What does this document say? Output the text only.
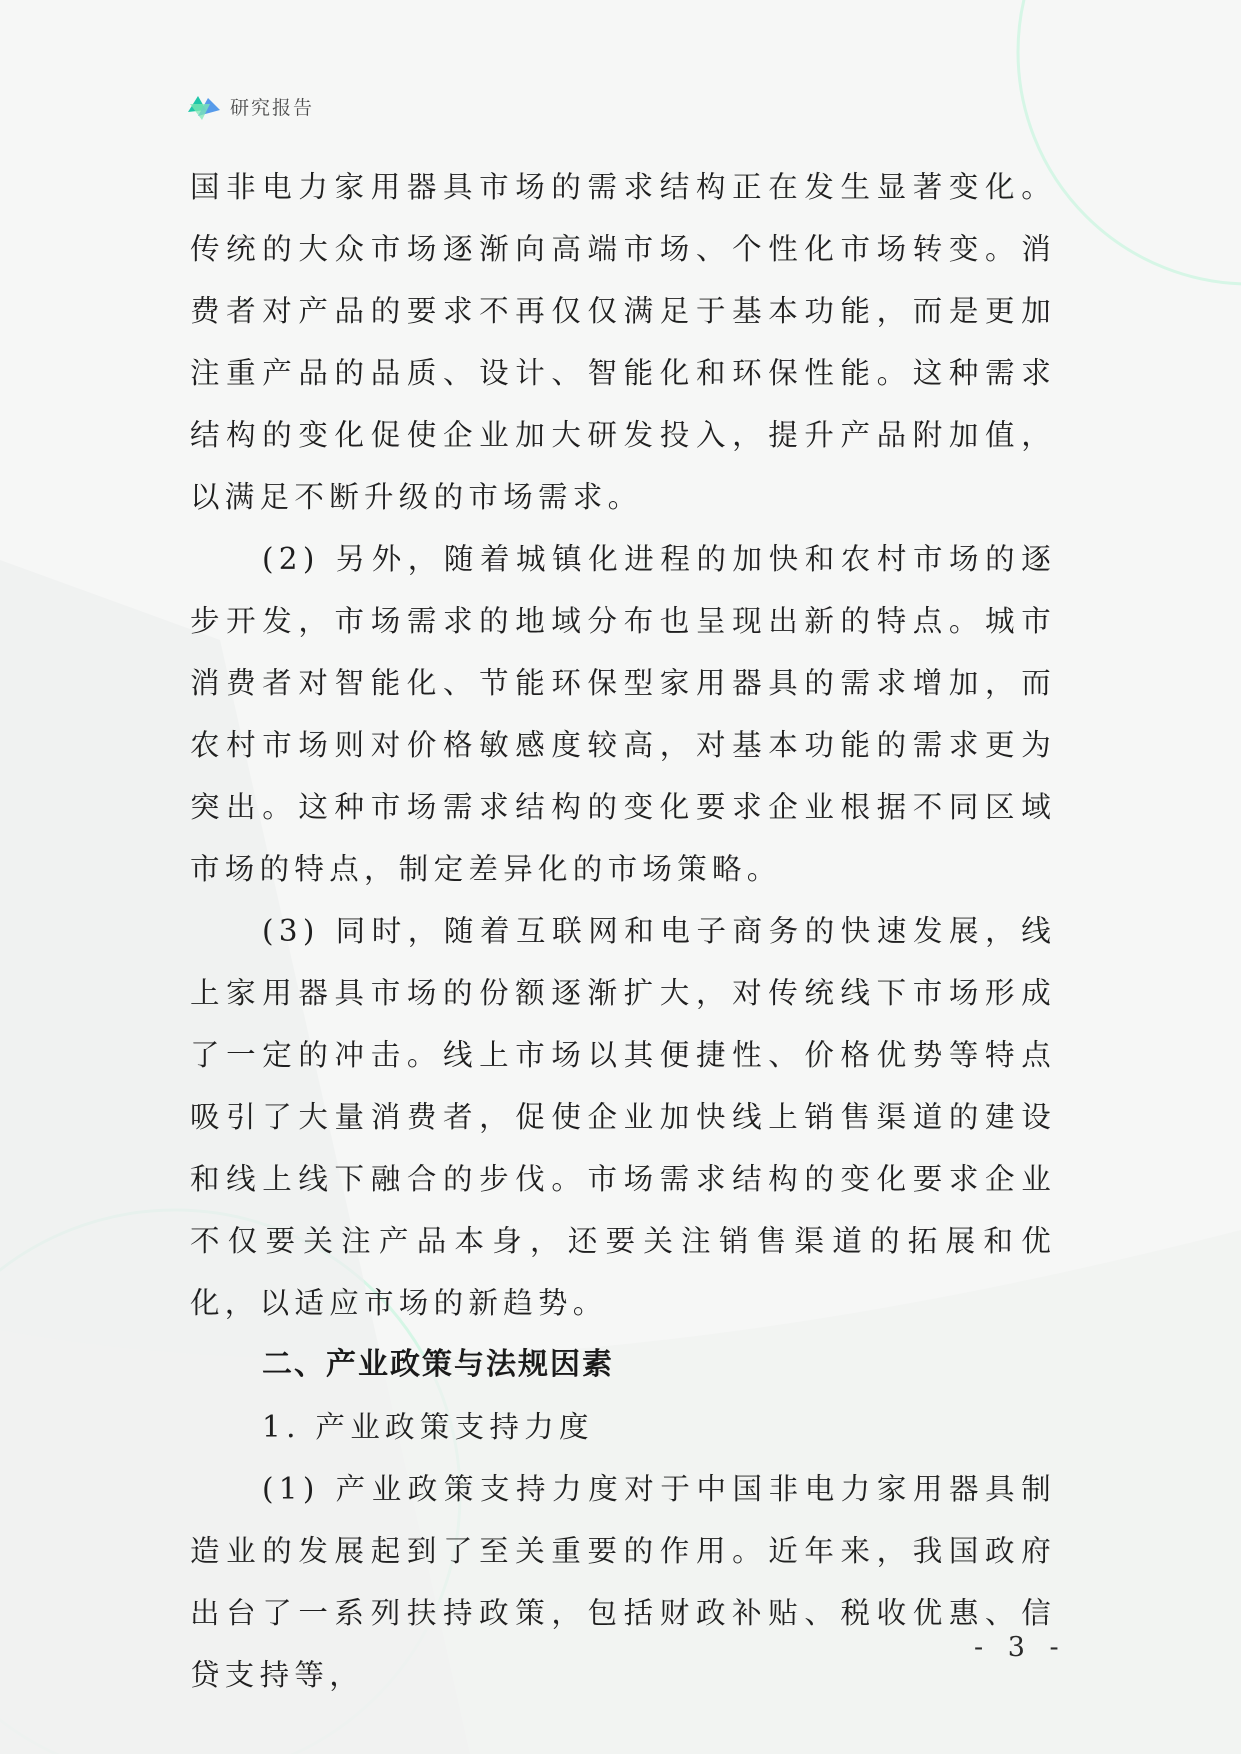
研究报告

国非电力家用器具市场的需求结构正在发生显著变化。传统的大众市场逐渐向高端市场、个性化市场转变。消费者对产品的要求不再仅仅满足于基本功能，而是更加注重产品的品质、设计、智能化和环保性能。这种需求结构的变化促使企业加大研发投入，提升产品附加值，以满足不断升级的市场需求。

(2) 另外，随着城镇化进程的加快和农村市场的逐步开发，市场需求的地域分布也呈现出新的特点。城市消费者对智能化、节能环保型家用器具的需求增加，而农村市场则对价格敏感度较高，对基本功能的需求更为突出。这种市场需求结构的变化要求企业根据不同区域市场的特点，制定差异化的市场策略。

(3) 同时，随着互联网和电子商务的快速发展，线上家用器具市场的份额逐渐扩大，对传统线下市场形成了一定的冲击。线上市场以其便捷性、价格优势等特点吸引了大量消费者，促使企业加快线上销售渠道的建设和线上线下融合的步伐。市场需求结构的变化要求企业不仅要关注产品本身，还要关注销售渠道的拓展和优化，以适应市场的新趋势。

二、产业政策与法规因素

1. 产业政策支持力度

(1) 产业政策支持力度对于中国非电力家用器具制造业的发展起到了至关重要的作用。近年来，我国政府出台了一系列扶持政策，包括财政补贴、税收优惠、信贷支持等，

- 3 -
